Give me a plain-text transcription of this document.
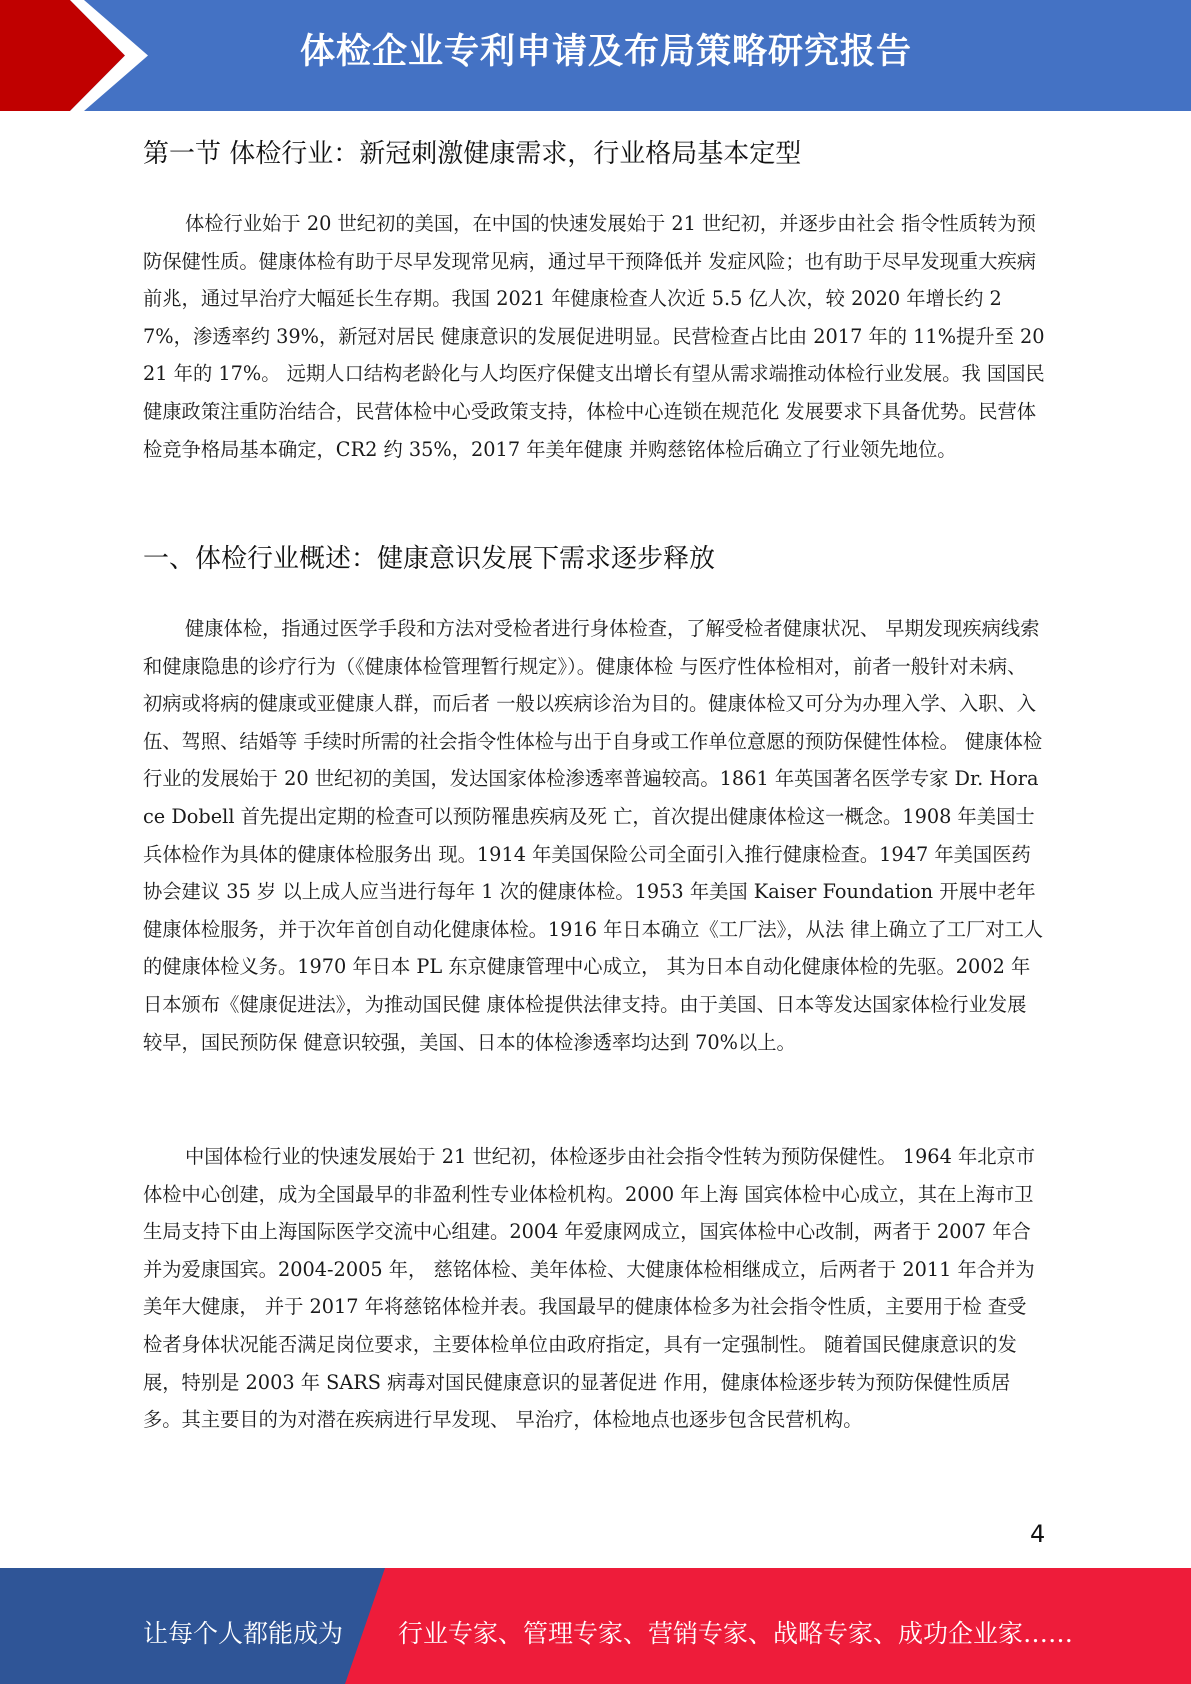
体检企业专利申请及布局策略研究报告
第一节 体检行业：新冠刺激健康需求，行业格局基本定型

体检行业始于 20 世纪初的美国，在中国的快速发展始于 21 世纪初，并逐步由社会 指令性质转为预防保健性质。健康体检有助于尽早发现常见病，通过早干预降低并 发症风险；也有助于尽早发现重大疾病前兆，通过早治疗大幅延长生存期。我国 2021 年健康检查人次近 5.5 亿人次，较 2020 年增长约 27%，渗透率约 39%，新冠对居民 健康意识的发展促进明显。民营检查占比由 2017 年的 11%提升至 2021 年的 17%。 远期人口结构老龄化与人均医疗保健支出增长有望从需求端推动体检行业发展。我 国国民健康政策注重防治结合，民营体检中心受政策支持，体检中心连锁在规范化 发展要求下具备优势。民营体检竞争格局基本确定，CR2 约 35%，2017 年美年健康 并购慈铭体检后确立了行业领先地位。

一、体检行业概述：健康意识发展下需求逐步释放

健康体检，指通过医学手段和方法对受检者进行身体检查，了解受检者健康状况、 早期发现疾病线索和健康隐患的诊疗行为（《健康体检管理暂行规定》）。健康体检 与医疗性体检相对，前者一般针对未病、初病或将病的健康或亚健康人群，而后者 一般以疾病诊治为目的。健康体检又可分为办理入学、入职、入伍、驾照、结婚等 手续时所需的社会指令性体检与出于自身或工作单位意愿的预防保健性体检。 健康体检行业的发展始于 20 世纪初的美国，发达国家体检渗透率普遍较高。1861 年英国著名医学专家 Dr. Horace Dobell 首先提出定期的检查可以预防罹患疾病及死 亡，首次提出健康体检这一概念。1908 年美国士兵体检作为具体的健康体检服务出 现。1914 年美国保险公司全面引入推行健康检查。1947 年美国医药协会建议 35 岁 以上成人应当进行每年 1 次的健康体检。1953 年美国 Kaiser Foundation 开展中老年 健康体检服务，并于次年首创自动化健康体检。1916 年日本确立《工厂法》，从法 律上确立了工厂对工人的健康体检义务。1970 年日本 PL 东京健康管理中心成立， 其为日本自动化健康体检的先驱。2002 年日本颁布《健康促进法》，为推动国民健 康体检提供法律支持。由于美国、日本等发达国家体检行业发展较早，国民预防保 健意识较强，美国、日本的体检渗透率均达到 70%以上。

中国体检行业的快速发展始于 21 世纪初，体检逐步由社会指令性转为预防保健性。 1964 年北京市体检中心创建，成为全国最早的非盈利性专业体检机构。2000 年上海 国宾体检中心成立，其在上海市卫生局支持下由上海国际医学交流中心组建。2004 年爱康网成立，国宾体检中心改制，两者于 2007 年合并为爱康国宾。2004-2005 年， 慈铭体检、美年体检、大健康体检相继成立，后两者于 2011 年合并为美年大健康， 并于 2017 年将慈铭体检并表。我国最早的健康体检多为社会指令性质，主要用于检 查受检者身体状况能否满足岗位要求，主要体检单位由政府指定，具有一定强制性。 随着国民健康意识的发展，特别是 2003 年 SARS 病毒对国民健康意识的显著促进 作用，健康体检逐步转为预防保健性质居多。其主要目的为对潜在疾病进行早发现、 早治疗，体检地点也逐步包含民营机构。

4
让每个人都能成为 行业专家、管理专家、营销专家、战略专家、成功企业家……
